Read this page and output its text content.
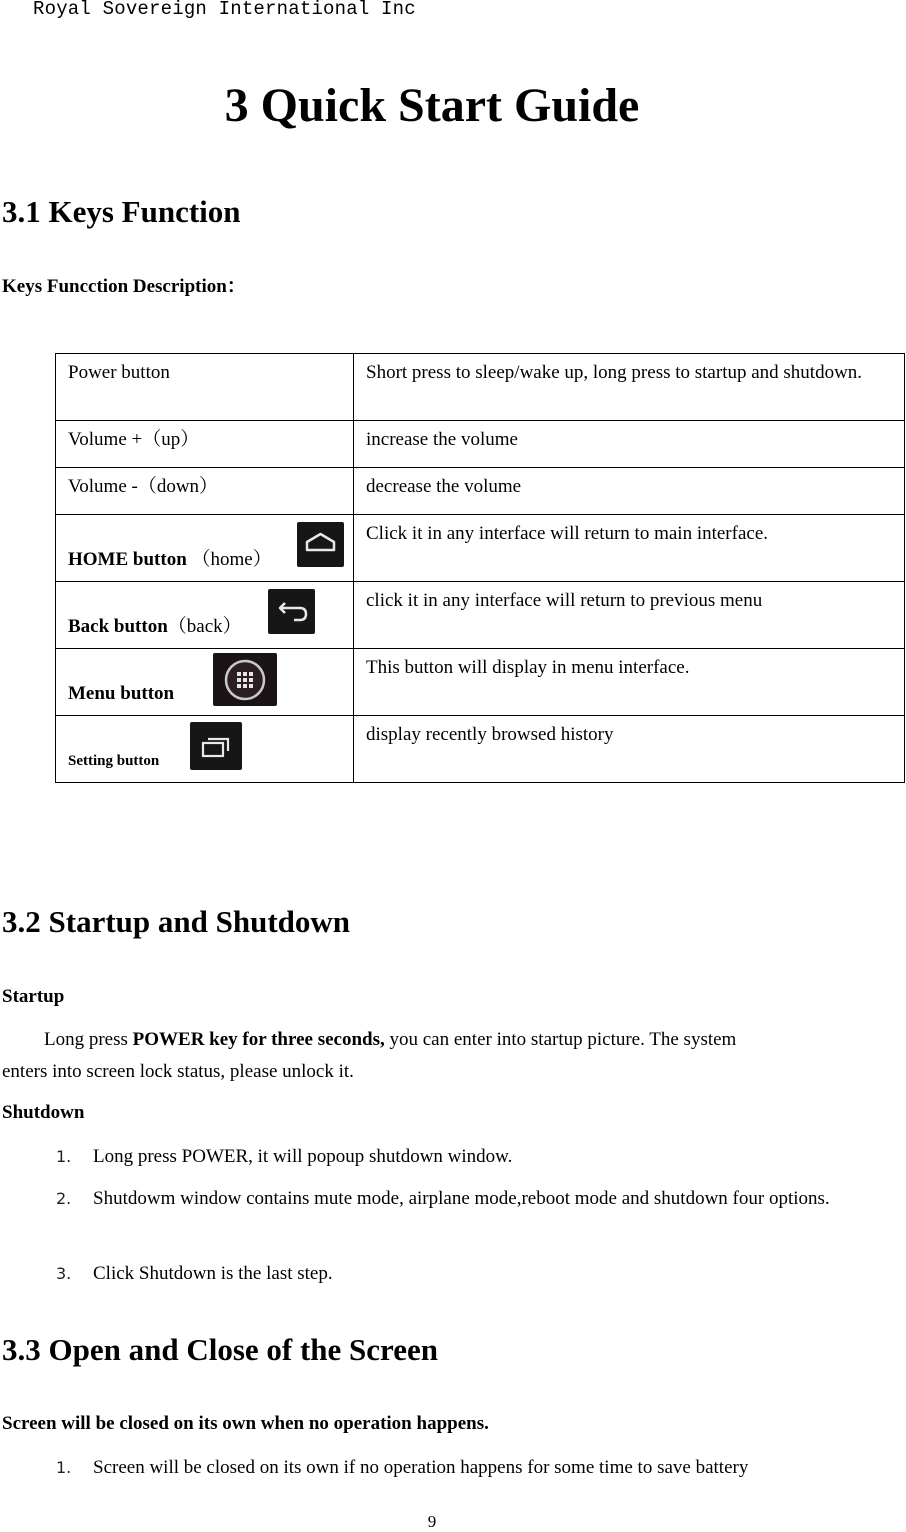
Royal Sovereign International Inc
3 Quick Start Guide
3.1 Keys Function
Keys Funcction Description：
Power button	Short press to sleep/wake up, long press to startup and shutdown.
Volume +（up）	increase the volume
Volume -（down）	decrease the volume

HOME button （home）	Click it in any interface will return to main interface.

Back button（back）	click it in any interface will return to previous menu

Menu button	This button will display in menu interface.

Setting button	display recently browsed history
3.2 Startup and Shutdown
Startup
Long press POWER key for three seconds, you can enter into startup picture. The system
enters into screen lock status, please unlock it.
Shutdown
1. Long press POWER, it will popoup shutdown window.
2. Shutdowm window contains mute mode, airplane mode,reboot mode and shutdown four options.
3. Click Shutdown is the last step.
3.3 Open and Close of the Screen
Screen will be closed on its own when no operation happens.
1. Screen will be closed on its own if no operation happens for some time to save battery
9
